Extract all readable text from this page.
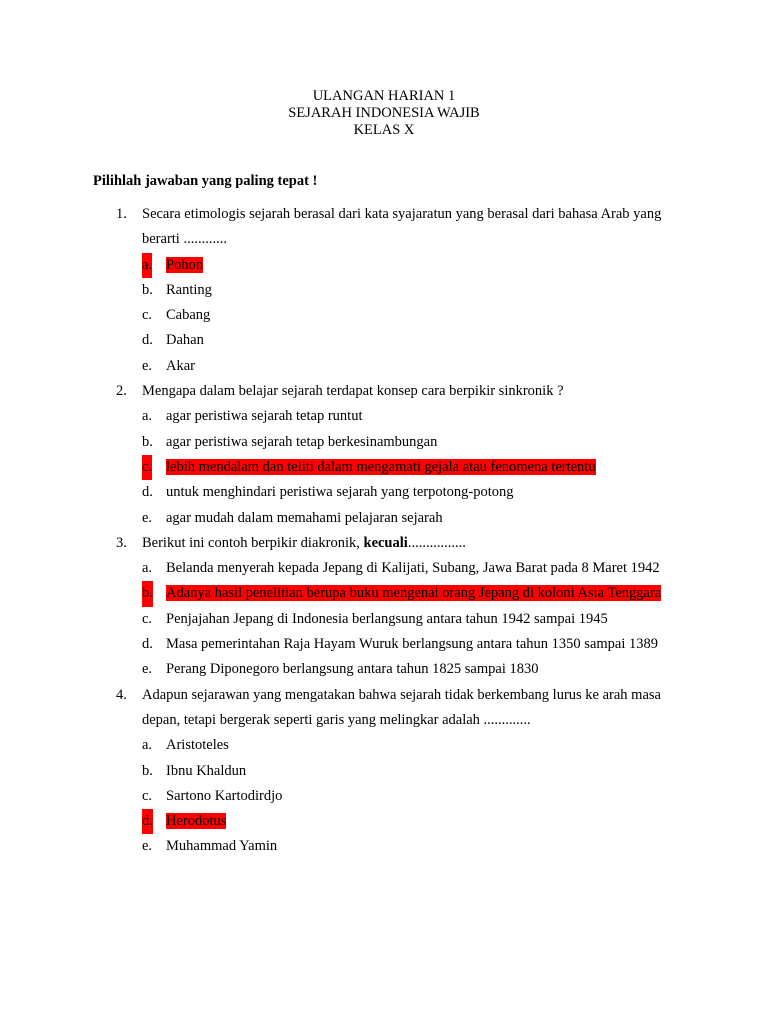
ULANGAN HARIAN 1
SEJARAH INDONESIA WAJIB
KELAS X
Pilihlah jawaban yang paling tepat !
1. Secara etimologis sejarah berasal dari kata syajaratun yang berasal dari bahasa Arab yang berarti ............
a. Pohon
b. Ranting
c. Cabang
d. Dahan
e. Akar
2. Mengapa dalam belajar sejarah terdapat konsep cara berpikir sinkronik ?
a. agar peristiwa sejarah tetap runtut
b. agar peristiwa sejarah tetap berkesinambungan
c. lebih mendalam dan teliti dalam mengamati gejala atau fenomena tertentu
d. untuk menghindari peristiwa sejarah yang terpotong-potong
e. agar mudah dalam memahami pelajaran sejarah
3. Berikut ini contoh berpikir diakronik, kecuali................
a. Belanda menyerah kepada Jepang di Kalijati, Subang, Jawa Barat pada 8 Maret 1942
b. Adanya hasil penelitian berupa buku mengenai orang Jepang di koloni Asia Tenggara
c. Penjajahan Jepang di Indonesia berlangsung antara tahun 1942 sampai 1945
d. Masa pemerintahan Raja Hayam Wuruk berlangsung antara tahun 1350 sampai 1389
e. Perang Diponegoro berlangsung antara tahun 1825 sampai 1830
4. Adapun sejarawan yang mengatakan bahwa sejarah tidak berkembang lurus ke arah masa depan, tetapi bergerak seperti garis yang melingkar adalah .............
a. Aristoteles
b. Ibnu Khaldun
c. Sartono Kartodirdjo
d. Herodotus
e. Muhammad Yamin
